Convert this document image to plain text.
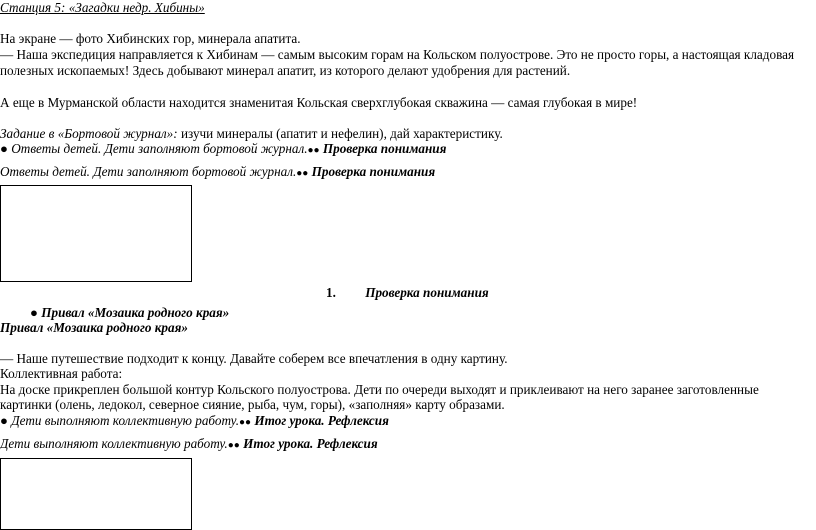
Станция 5: «Загадки недр. Хибины»
На экране — фото Хибинских гор, минерала апатита.
— Наша экспедиция направляется к Хибинам — самым высоким горам на Кольском полуострове. Это не просто горы, а настоящая кладовая
полезных ископаемых! Здесь добывают минерал апатит, из которого делают удобрения для растений.
А еще в Мурманской области находится знаменитая Кольская сверхглубокая скважина — самая глубокая в мире!
Задание в «Бортовой журнал»: изучи минералы (апатит и нефелин), дай характеристику.
● Ответы детей. Дети заполняют бортовой журнал.●● Проверка понимания
Ответы детей. Дети заполняют бортовой журнал.●● Проверка понимания
1. Проверка понимания
● Привал «Мозаика родного края»
Привал «Мозаика родного края»
— Наше путешествие подходит к концу. Давайте соберем все впечатления в одну картину.
Коллективная работа:
На доске прикреплен большой контур Кольского полуострова. Дети по очереди выходят и приклеивают на него заранее заготовленные
картинки (олень, ледокол, северное сияние, рыба, чум, горы), «заполняя» карту образами.
● Дети выполняют коллективную работу.●● Итог урока. Рефлексия
Дети выполняют коллективную работу.●● Итог урока. Рефлексия
